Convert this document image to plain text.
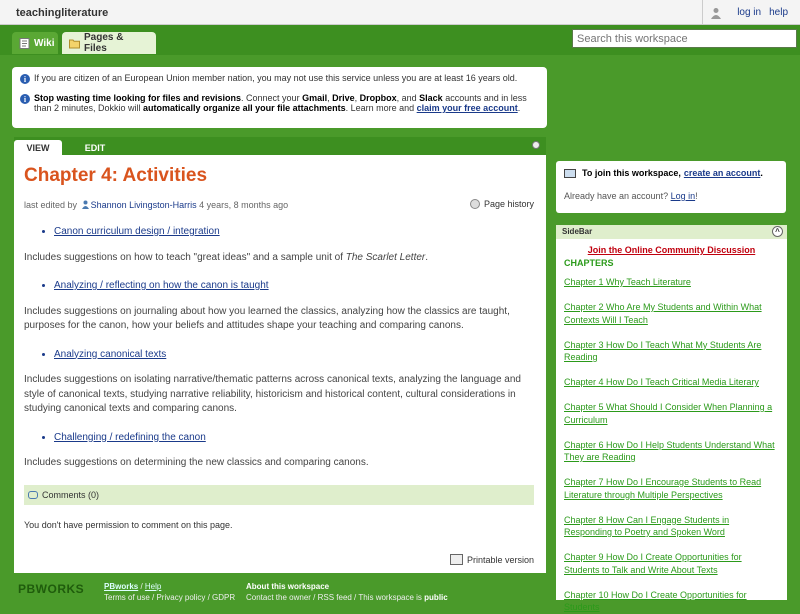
teachingliterature	log in help
Wiki	Pages & Files
Search this workspace
i If you are citizen of an European Union member nation, you may not use this service unless you are at least 16 years old.
i Stop wasting time looking for files and revisions. Connect your Gmail, Drive, Dropbox, and Slack accounts and in less than 2 minutes, Dokkio will automatically organize all your file attachments. Learn more and claim your free account.
VIEW	EDIT
Chapter 4: Activities
last edited by Shannon Livingston-Harris 4 years, 8 months ago	Page history
• Canon curriculum design / integration

Includes suggestions on how to teach "great ideas" and a sample unit of The Scarlet Letter.

• Analyzing / reflecting on how the canon is taught

Includes suggestions on journaling about how you learned the classics, analyzing how the classics are taught, purposes for the canon, how your beliefs and attitudes shape your teaching and comparing canons.

• Analyzing canonical texts

Includes suggestions on isolating narrative/thematic patterns across canonical texts, analyzing the language and style of canonical texts, studying narrative reliability, historicism and historical content, cultural considerations in studying canonical texts and comparing canons.

• Challenging / redefining the canon

Includes suggestions on determining the new classics and comparing canons.

Comments (0)
You don't have permission to comment on this page.
Printable version
PBWORKS PBworks / Help
Terms of use / Privacy policy / GDPR
About this workspace
Contact the owner / RSS feed / This workspace is public
To join this workspace, create an account .
Already have an account? Log in!
SideBar	^
Join the Online Community Discussion
CHAPTERS
Chapter 1 Why Teach Literature
Chapter 2 Who Are My Students and Within What Contexts Will I Teach
Chapter 3 How Do I Teach What My Students Are Reading
Chapter 4 How Do I Teach Critical Media Literary
Chapter 5 What Should I Consider When Planning a Curriculum
Chapter 6 How Do I Help Students Understand What They are Reading
Chapter 7 How Do I Encourage Students to Read Literature through Multiple Perspectives
Chapter 8 How Can I Engage Students in Responding to Poetry and Spoken Word
Chapter 9 How Do I Create Opportunities for Students to Talk and Write About Texts
Chapter 10 How Do I Create Opportunities for Students
